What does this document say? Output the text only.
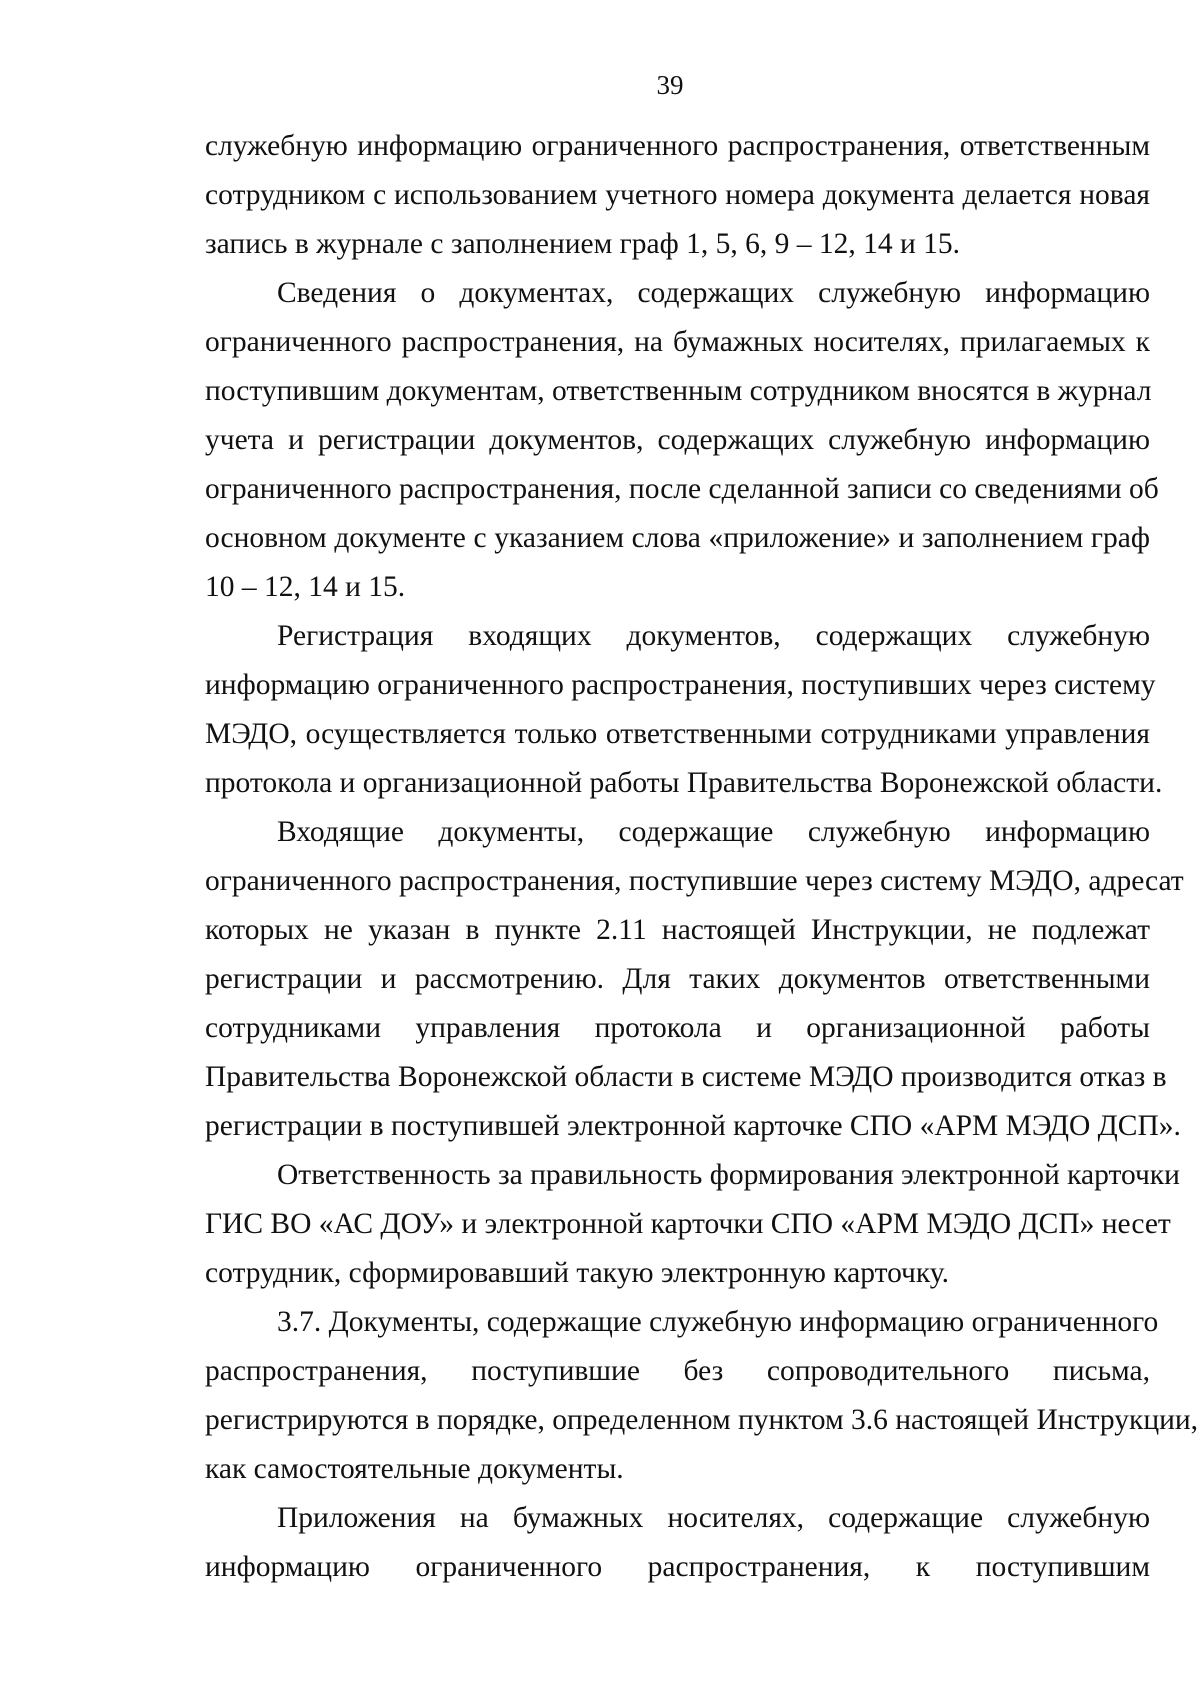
39
служебную информацию ограниченного распространения, ответственным
сотрудником с использованием учетного номера документа делается новая
запись в журнале с заполнением граф 1, 5, 6, 9 – 12, 14 и 15.
Сведения о документах, содержащих служебную информацию
ограниченного распространения, на бумажных носителях, прилагаемых к
поступившим документам, ответственным сотрудником вносятся в журнал
учета и регистрации документов, содержащих служебную информацию
ограниченного распространения, после сделанной записи со сведениями об
основном документе с указанием слова «приложение» и заполнением граф
10 – 12, 14 и 15.
Регистрация входящих документов, содержащих служебную
информацию ограниченного распространения, поступивших через систему
МЭДО, осуществляется только ответственными сотрудниками управления
протокола и организационной работы Правительства Воронежской области.
Входящие документы, содержащие служебную информацию
ограниченного распространения, поступившие через систему МЭДО, адресат
которых не указан в пункте 2.11 настоящей Инструкции, не подлежат
регистрации и рассмотрению. Для таких документов ответственными
сотрудниками управления протокола и организационной работы
Правительства Воронежской области в системе МЭДО производится отказ в
регистрации в поступившей электронной карточке СПО «АРМ МЭДО ДСП».
Ответственность за правильность формирования электронной карточки
ГИС ВО «АС ДОУ» и электронной карточки СПО «АРМ МЭДО ДСП» несет
сотрудник, сформировавший такую электронную карточку.
3.7. Документы, содержащие служебную информацию ограниченного
распространения, поступившие без сопроводительного письма,
регистрируются в порядке, определенном пунктом 3.6 настоящей Инструкции,
как самостоятельные документы.
Приложения на бумажных носителях, содержащие служебную
информацию ограниченного распространения, к поступившим
